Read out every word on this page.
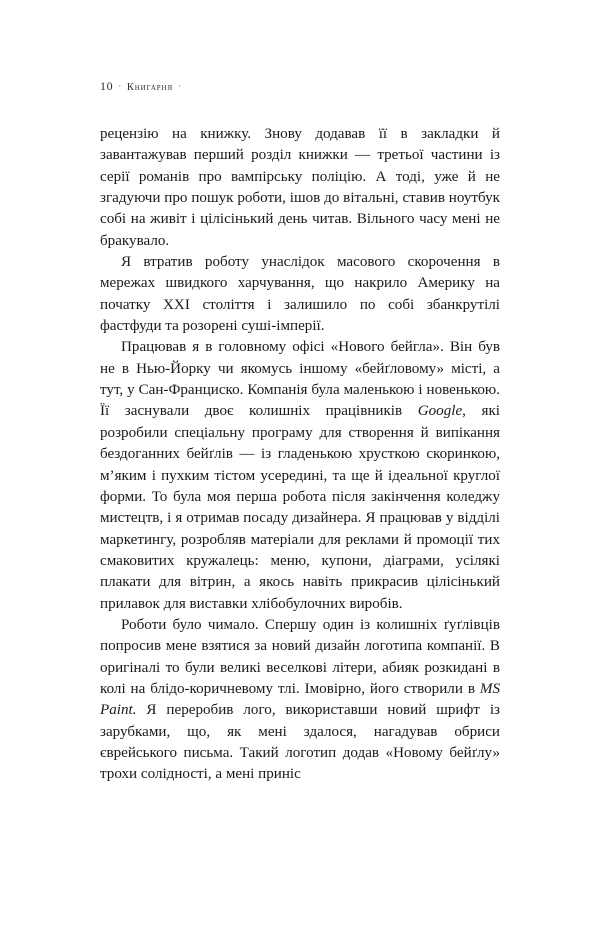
10 · книгарня ·

рецензію на книжку. Знову додавав її в закладки й завантажував перший розділ книжки — третьої частини із серії романів про вампірську поліцію. А тоді, уже й не згадуючи про пошук роботи, ішов до вітальні, ставив ноутбук собі на живіт і цілісінький день читав. Вільного часу мені не бракувало.

Я втратив роботу унаслідок масового скорочення в мережах швидкого харчування, що накрило Америку на початку XXI століття і залишило по собі збанкрутілі фастфуди та розорені суші-імперії.

Працював я в головному офісі «Нового бейгла». Він був не в Нью-Йорку чи якомусь іншому «бейґловому» місті, а тут, у Сан-Франциско. Компанія була маленькою і новенькою. Її заснували двоє колишніх працівників Google, які розробили спеціальну програму для створення й випікання бездоганних бейґлів — із гладенькою хрусткою скоринкою, м’яким і пухким тістом усередині, та ще й ідеальної круглої форми. То була моя перша робота після закінчення коледжу мистецтв, і я отримав посаду дизайнера. Я працював у відділі маркетингу, розробляв матеріали для реклами й промоції тих смаковитих кружалець: меню, купони, діаграми, усілякі плакати для вітрин, а якось навіть прикрасив цілісінький прилавок для виставки хлібобулочних виробів.

Роботи було чимало. Спершу один із колишніх ґуґлівців попросив мене взятися за новий дизайн логотипа компанії. В оригіналі то були великі веселкові літери, абияк розкидані в колі на блідо-коричневому тлі. Імовірно, його створили в MS Paint. Я переробив лого, використавши новий шрифт із зарубками, що, як мені здалося, нагадував обриси єврейського письма. Такий логотип додав «Новому бейґлу» трохи солідності, а мені приніс
